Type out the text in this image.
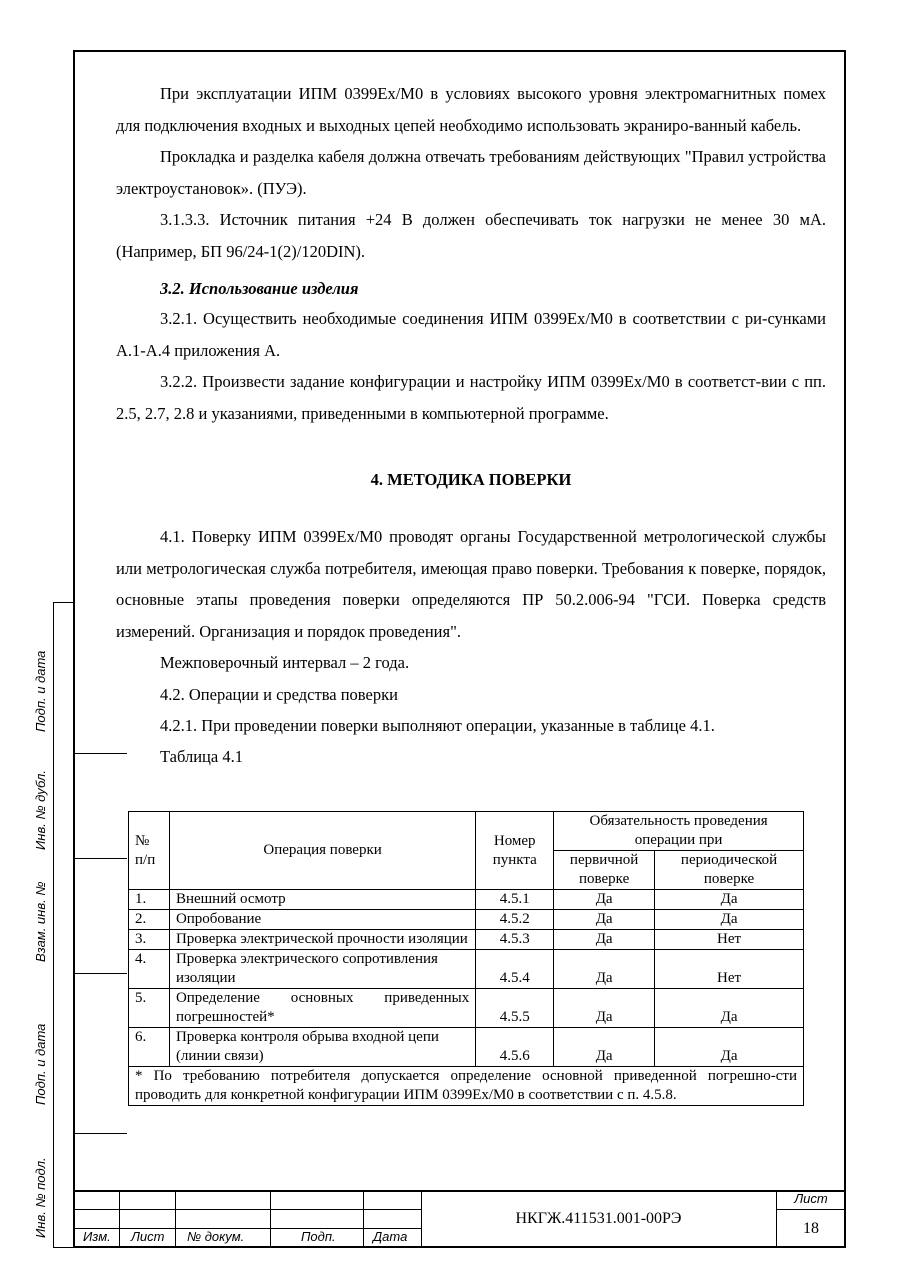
Подп. и дата
Инв. № дубл.
Взам. инв. №
Подп. и дата
Инв. № подл.

При эксплуатации ИПМ 0399Ex/М0 в условиях высокого уровня электромагнитных помех для подключения входных и выходных цепей необходимо использовать экраниро-ванный кабель.

Прокладка и разделка кабеля должна отвечать требованиям действующих "Правил устройства электроустановок». (ПУЭ).

3.1.3.3. Источник питания +24 В должен обеспечивать ток нагрузки не менее 30 мА. (Например, БП 96/24-1(2)/120DIN).

3.2. Использование изделия

3.2.1. Осуществить необходимые соединения ИПМ 0399Ex/М0 в соответствии с ри-сунками А.1-А.4 приложения А.

3.2.2. Произвести задание конфигурации и настройку ИПМ 0399Ex/М0 в соответст-вии с пп. 2.5, 2.7, 2.8 и указаниями, приведенными в компьютерной программе.

4. МЕТОДИКА ПОВЕРКИ

4.1. Поверку ИПМ 0399Ex/М0 проводят органы Государственной метрологической службы или метрологическая служба потребителя, имеющая право поверки. Требования к поверке, порядок, основные этапы проведения поверки определяются ПР 50.2.006-94 "ГСИ. Поверка средств измерений. Организация и порядок проведения".

Межповерочный интервал – 2 года.

4.2. Операции и средства поверки

4.2.1. При проведении поверки выполняют операции, указанные в таблице 4.1.

Таблица 4.1

№ п/п	Операция поверки	Номер пункта	Обязательность проведения операции при	
			первичной поверке	периодической поверке
1.	Внешний осмотр	4.5.1	Да	Да
2.	Опробование	4.5.2	Да	Да
3.	Проверка электрической прочности изоляции	4.5.3	Да	Нет
4.	Проверка электрического сопротивления изоляции	4.5.4	Да	Нет
5.	Определение основных приведенных погрешностей*	4.5.5	Да	Да
6.	Проверка контроля обрыва входной цепи (линии связи)	4.5.6	Да	Да
* По требованию потребителя допускается определение основной приведенной погрешно-сти проводить для конкретной конфигурации ИПМ 0399Ex/М0 в соответствии с п. 4.5.8.				
Изм. Лист № докум.	Подп.	Дата
НКГЖ.411531.001-00РЭ
Лист
18
